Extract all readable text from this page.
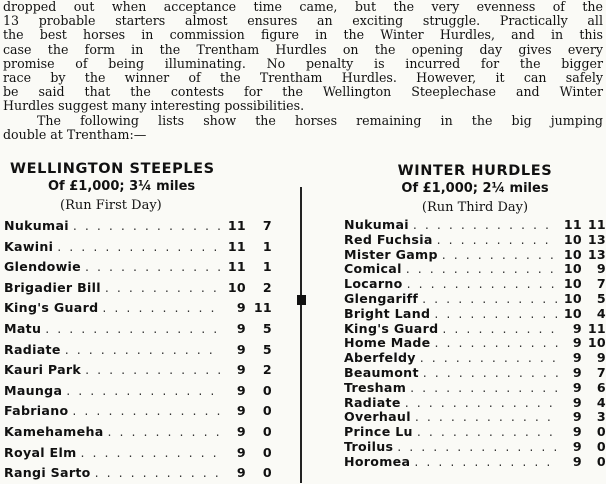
dropped out when acceptance time came, but the very evenness of the
13 probable starters almost ensures an exciting struggle. Practically all
the best horses in commission figure in the Winter Hurdles, and in this
case the form in the Trentham Hurdles on the opening day gives every
promise of being illuminating. No penalty is incurred for the bigger
race by the winner of the Trentham Hurdles. However, it can safely
be said that the contests for the Wellington Steeplechase and Winter
Hurdles suggest many interesting possibilities.
The following lists show the horses remaining in the big jumping
double at Trentham:—
WELLINGTON STEEPLES
Of £1,000; 3¼ miles
(Run First Day)
Nukumai . . .	11	7
Kawini . . .	11	1
Glendowie . . .	11	1
Brigadier Bill . . .	10	2
King's Guard . . .	9 11
Matu . . .	9	5
Radiate . . .	9	5
Kauri Park . . .	9	2
Maunga . . .	9	0
Fabriano . . .	9	0
Kamehameha . . .	9	0
Royal Elm . . .	9	0
Rangi Sarto . . .	9	0
WINTER HURDLES
Of £1,000; 2¼ miles
(Run Third Day)
Nukumai . . .	11 11
Red Fuchsia . . .	10 13
Mister Gamp . . .	10 13
Comical . . .	10	9
Locarno . . .	10	7
Glengariff . . .	10	5
Bright Land . . .	10	4
King's Guard . . .	9 11
Home Made . . .	9 10
Aberfeldy . . .	9	9
Beaumont . . .	9	7
Tresham . . .	9	6
Radiate . . .	9	4
Overhaul . . .	9	3
Prince Lu . . .	9	0
Troilus . . .	9	0
Horomea . . .	9	0
